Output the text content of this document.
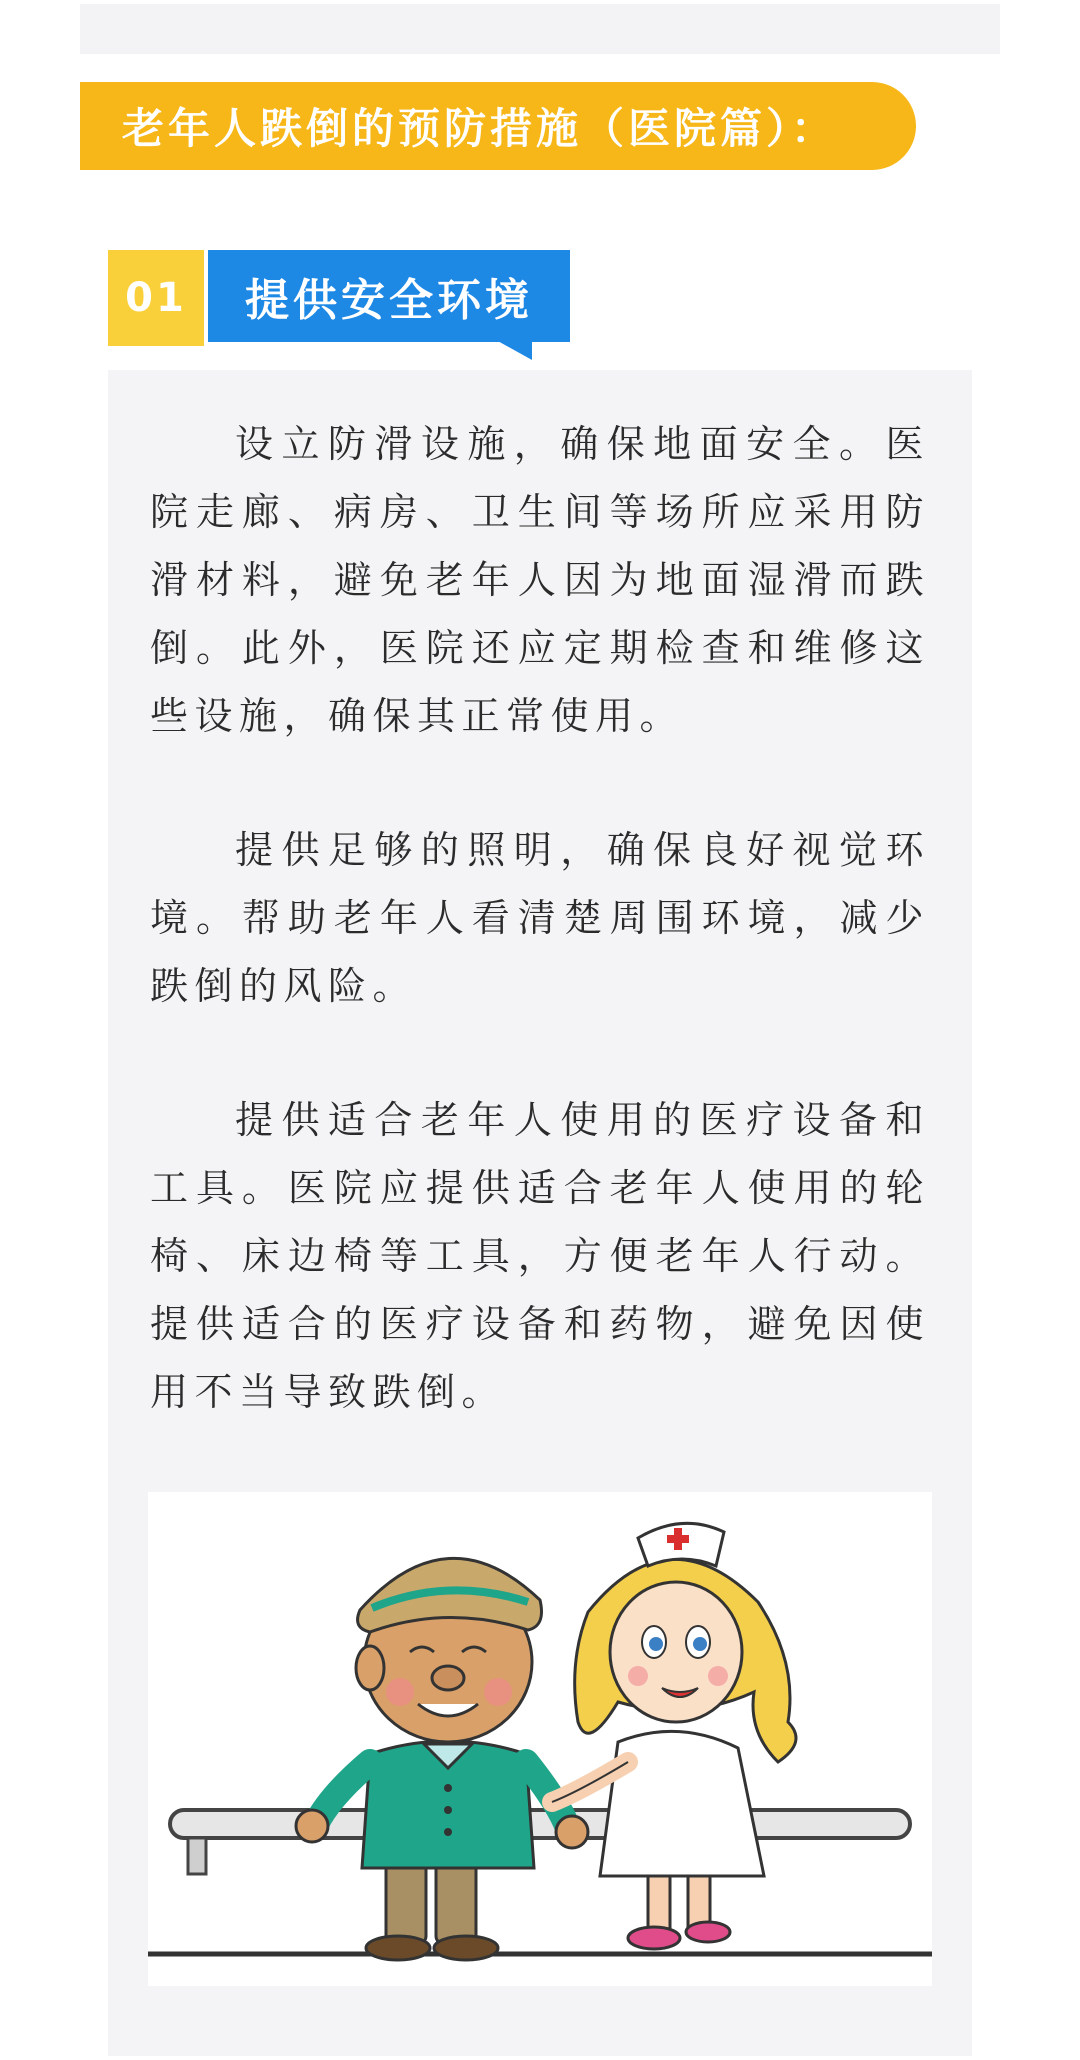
老年人跌倒的预防措施（医院篇）：
01 提供安全环境

设立防滑设施，确保地面安全。医院走廊、病房、卫生间等场所应采用防滑材料，避免老年人因为地面湿滑而跌倒。此外，医院还应定期检查和维修这些设施，确保其正常使用。

提供足够的照明，确保良好视觉环境。帮助老年人看清楚周围环境，减少跌倒的风险。

提供适合老年人使用的医疗设备和工具。医院应提供适合老年人使用的轮椅、床边椅等工具，方便老年人行动。提供适合的医疗设备和药物，避免因使用不当导致跌倒。
